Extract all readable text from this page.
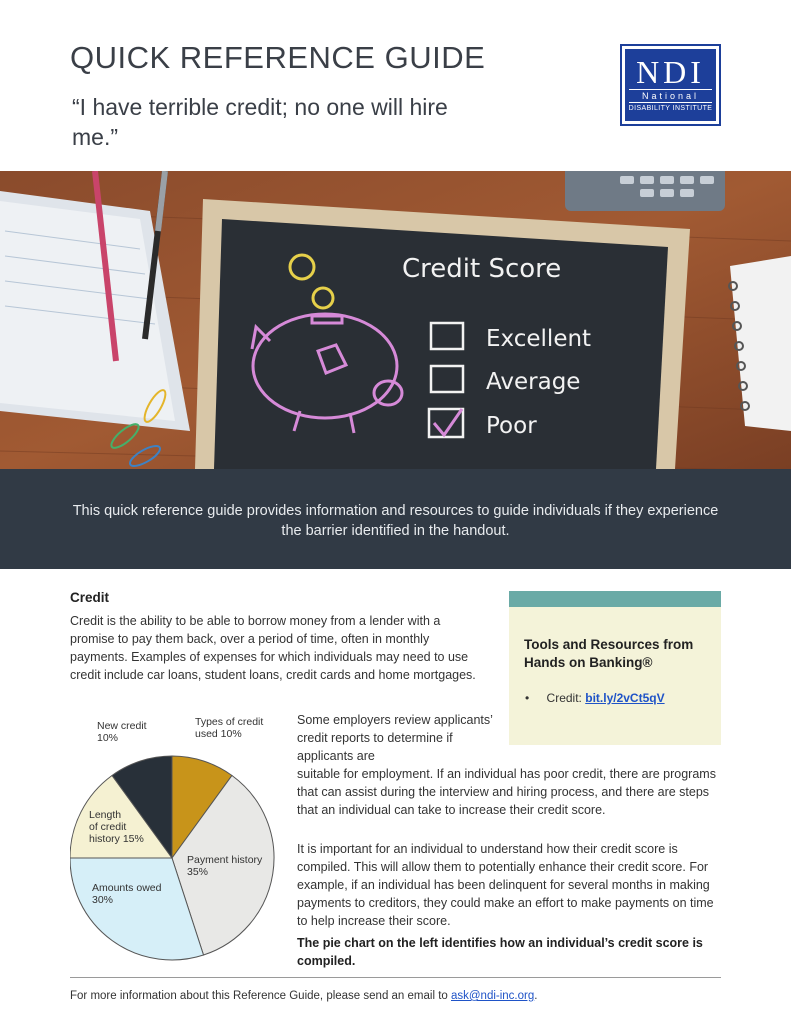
QUICK REFERENCE GUIDE
“I have terrible credit; no one will hire me.”
NDI
National
DISABILITY INSTITUTE
Credit Score
Excellent
Average
Poor

This quick reference guide provides information and resources to guide individuals if they experience the barrier identified in the handout.

Credit
Credit is the ability to be able to borrow money from a lender with a promise to pay them back, over a period of time, often in monthly payments. Examples of expenses for which individuals may need to use credit include car loans, student loans, credit cards and home mortgages.
Tools and Resources from Hands on Banking®
• Credit: bit.ly/2vCt5qV
New credit
10%
Types of credit
used 10%
Length
of credit
history 15%
Payment history
35%
Amounts owed
30%
Some employers review applicants’ credit reports to determine if applicants are
suitable for employment. If an individual has poor credit, there are programs that can assist during the interview and hiring process, and there are steps that an individual can take to increase their credit score.
It is important for an individual to understand how their credit score is compiled. This will allow them to potentially enhance their credit score. For example, if an individual has been delinquent for several months in making payments to creditors, they could make an effort to make payments on time to help increase their score.
The pie chart on the left identifies how an individual’s credit score is compiled.
For more information about this Reference Guide, please send an email to ask@ndi-inc.org.
